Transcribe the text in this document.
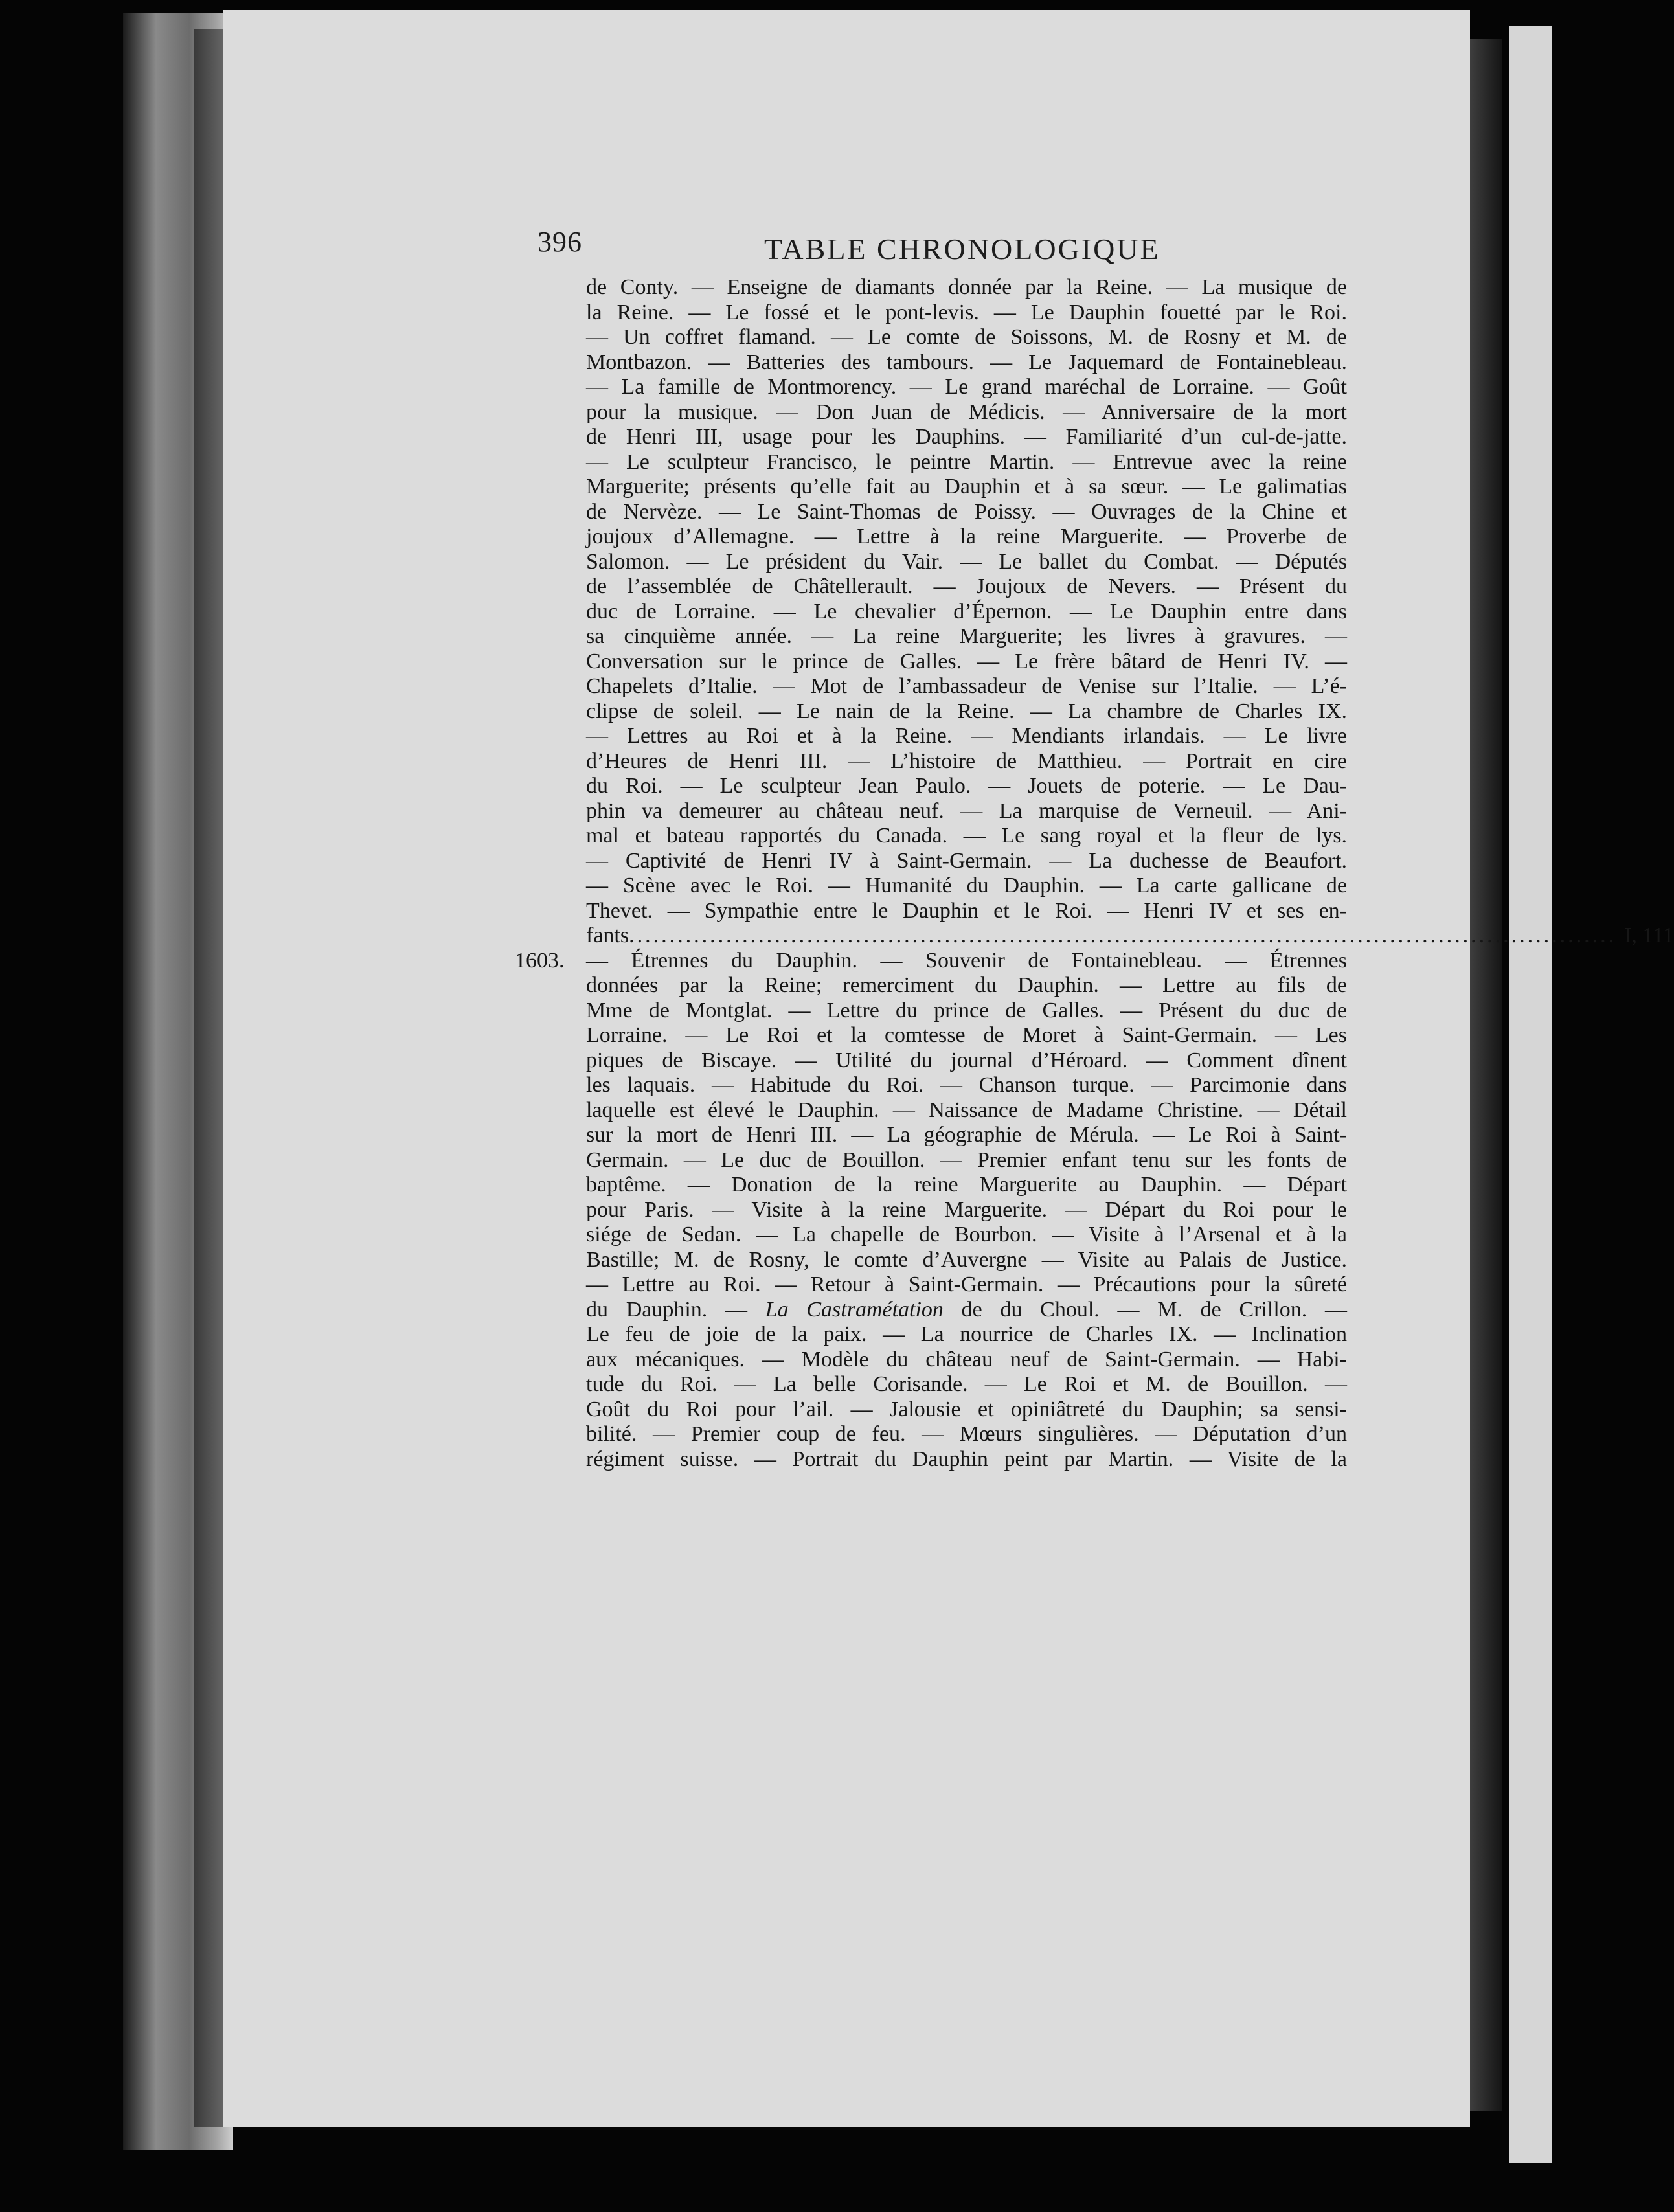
396	TABLE CHRONOLOGIQUE
de Conty. — Enseigne de diamants donnée par la Reine. — La musique de
la Reine. — Le fossé et le pont-levis. — Le Dauphin fouetté par le Roi.
— Un coffret flamand. — Le comte de Soissons, M. de Rosny et M. de
Montbazon. — Batteries des tambours. — Le Jaquemard de Fontainebleau.
— La famille de Montmorency. — Le grand maréchal de Lorraine. — Goût
pour la musique. — Don Juan de Médicis. — Anniversaire de la mort
de Henri III, usage pour les Dauphins. — Familiarité d’un cul-de-jatte.
— Le sculpteur Francisco, le peintre Martin. — Entrevue avec la reine
Marguerite; présents qu’elle fait au Dauphin et à sa sœur. — Le galimatias
de Nervèze. — Le Saint-Thomas de Poissy. — Ouvrages de la Chine et
joujoux d’Allemagne. — Lettre à la reine Marguerite. — Proverbe de
Salomon. — Le président du Vair. — Le ballet du Combat. — Députés
de l’assemblée de Châtellerault. — Joujoux de Nevers. — Présent du
duc de Lorraine. — Le chevalier d’Épernon. — Le Dauphin entre dans
sa cinquième année. — La reine Marguerite; les livres à gravures. —
Conversation sur le prince de Galles. — Le frère bâtard de Henri IV. —
Chapelets d’Italie. — Mot de l’ambassadeur de Venise sur l’Italie. — L’é-
clipse de soleil. — Le nain de la Reine. — La chambre de Charles IX.
— Lettres au Roi et à la Reine. — Mendiants irlandais. — Le livre
d’Heures de Henri III. — L’histoire de Matthieu. — Portrait en cire
du Roi. — Le sculpteur Jean Paulo. — Jouets de poterie. — Le Dau-
phin va demeurer au château neuf. — La marquise de Verneuil. — Ani-
mal et bateau rapportés du Canada. — Le sang royal et la fleur de lys.
— Captivité de Henri IV à Saint-Germain. — La duchesse de Beaufort.
— Scène avec le Roi. — Humanité du Dauphin. — La carte gallicane de
Thevet. — Sympathie entre le Dauphin et le Roi. — Henri IV et ses en-
fants .......................................................................................................................... I, 111
1603. — Étrennes du Dauphin. — Souvenir de Fontainebleau. — Étrennes
données par la Reine; remerciment du Dauphin. — Lettre au fils de
Mme de Montglat. — Lettre du prince de Galles. — Présent du duc de
Lorraine. — Le Roi et la comtesse de Moret à Saint-Germain. — Les
piques de Biscaye. — Utilité du journal d’Héroard. — Comment dînent
les laquais. — Habitude du Roi. — Chanson turque. — Parcimonie dans
laquelle est élevé le Dauphin. — Naissance de Madame Christine. — Détail
sur la mort de Henri III. — La géographie de Mérula. — Le Roi à Saint-
Germain. — Le duc de Bouillon. — Premier enfant tenu sur les fonts de
baptême. — Donation de la reine Marguerite au Dauphin. — Départ
pour Paris. — Visite à la reine Marguerite. — Départ du Roi pour le
siége de Sedan. — La chapelle de Bourbon. — Visite à l’Arsenal et à la
Bastille; M. de Rosny, le comte d’Auvergne — Visite au Palais de Justice.
— Lettre au Roi. — Retour à Saint-Germain. — Précautions pour la sûreté
du Dauphin. — La Castramétation de du Choul. — M. de Crillon. —
Le feu de joie de la paix. — La nourrice de Charles IX. — Inclination
aux mécaniques. — Modèle du château neuf de Saint-Germain. — Habi-
tude du Roi. — La belle Corisande. — Le Roi et M. de Bouillon. —
Goût du Roi pour l’ail. — Jalousie et opiniâtreté du Dauphin; sa sensi-
bilité. — Premier coup de feu. — Mœurs singulières. — Députation d’un
régiment suisse. — Portrait du Dauphin peint par Martin. — Visite de la
